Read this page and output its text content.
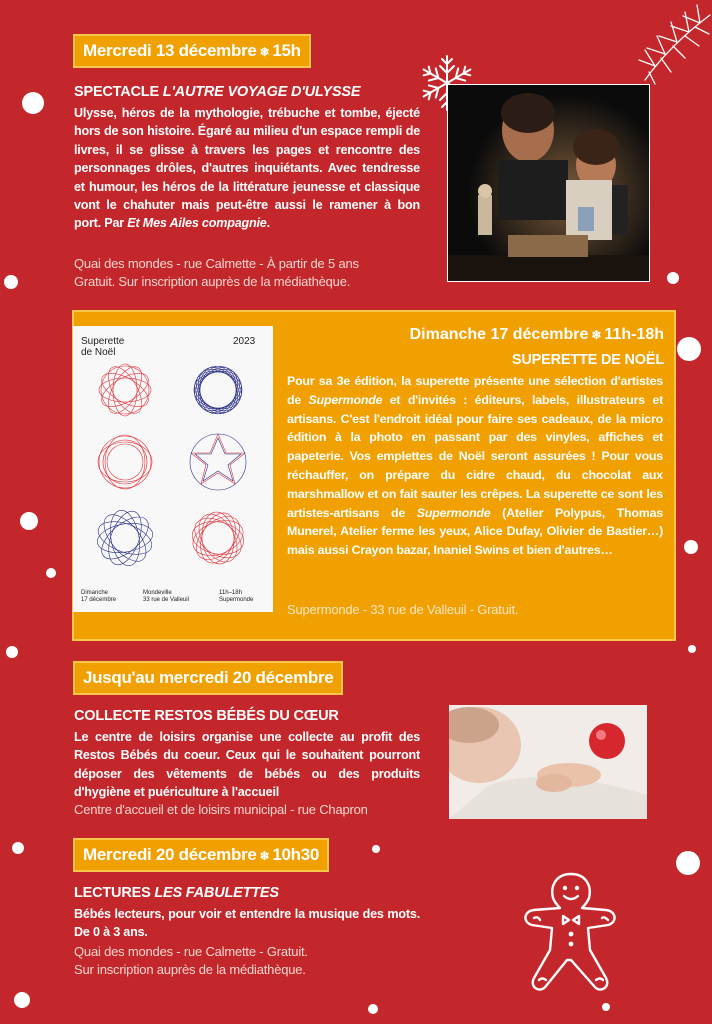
Mercredi 13 décembre ❄ 15h
SPECTACLE L'AUTRE VOYAGE D'ULYSSE
Ulysse, héros de la mythologie, trébuche et tombe, éjecté hors de son histoire. Égaré au milieu d'un espace rempli de livres, il se glisse à travers les pages et rencontre des personnages drôles, d'autres inquiétants. Avec tendresse et humour, les héros de la littérature jeunesse et classique vont le chahuter mais peut-être aussi le ramener à bon port. Par Et Mes Ailes compagnie.
Quai des mondes - rue Calmette - À partir de 5 ans
Gratuit. Sur inscription auprès de la médiathèque.
Superette
de Noël
2023
Dimanche
17 décembre
Mondeville
33 rue de Valleuil
11h–18h
Supermonde
Dimanche 17 décembre ❄ 11h-18h
SUPERETTE DE NOËL
Pour sa 3e édition, la superette présente une sélection d'artistes de Supermonde et d'invités : éditeurs, labels, illustrateurs et artisans. C'est l'endroit idéal pour faire ses cadeaux, de la micro édition à la photo en passant par des vinyles, affiches et papeterie. Vos emplettes de Noël seront assurées ! Pour vous réchauffer, on prépare du cidre chaud, du chocolat aux marshmallow et on fait sauter les crêpes. La superette ce sont les artistes-artisans de Supermonde (Atelier Polypus, Thomas Munerel, Atelier ferme les yeux, Alice Dufay, Olivier de Bastier…) mais aussi Crayon bazar, Inaniel Swins et bien d'autres…
Supermonde - 33 rue de Valleuil - Gratuit.
Jusqu'au mercredi 20 décembre
COLLECTE RESTOS BÉBÉS DU CŒUR
Le centre de loisirs organise une collecte au profit des Restos Bébés du coeur. Ceux qui le souhaitent pourront déposer des vêtements de bébés ou des produits d'hygiène et puériculture à l'accueil
Centre d'accueil et de loisirs municipal - rue Chapron
Mercredi 20 décembre ❄ 10h30
LECTURES LES FABULETTES
Bébés lecteurs, pour voir et entendre la musique des mots. De 0 à 3 ans.
Quai des mondes - rue Calmette - Gratuit.
Sur inscription auprès de la médiathèque.
